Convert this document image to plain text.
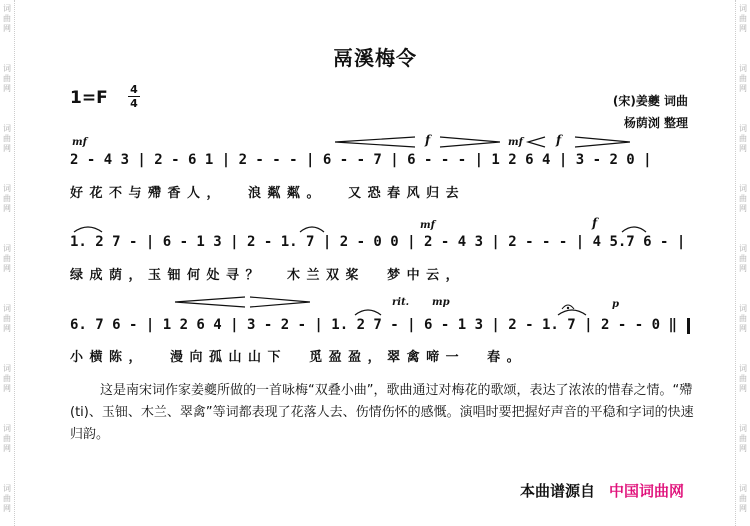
词
曲
网
词
曲
网
词
曲
网
词
曲
网
词
曲
网
词
曲
网
词
曲
网
词
曲
网
词
曲
网
词
曲
网
词
曲
网
词
曲
网
词
曲
网
词
曲
网
词
曲
网
词
曲
网
词
曲
网
词
曲
网
鬲溪梅令
1=F 4
4	(宋)姜夔 词曲
杨荫浏 整理
mf	f	mf	f
2 - 4 3 | 2 - 6 1 | 2 - - - | 6 - - 7 | 6 - - - | 1 2 6 4 | 3 - 2 0 |
好花不与殢香人，  浪粼粼。  又恐春风归去
mf	f
1. 2 7 - | 6 - 1 3 | 2 - 1. 7 | 2 - 0 0 | 2 - 4 3 | 2 - - - | 4 5.7 6 - |
绿成荫，玉钿何处寻？  木兰双桨  梦中云，
rit. mp	p
6. 7 6 - | 1 2 6 4 | 3 - 2 - | 1. 2 7 - | 6 - 1 3 | 2 - 1. 7 | 2 - - 0 ‖
小横陈，  漫向孤山山下  觅盈盈，翠禽啼一  春。
这是南宋词作家姜夔所做的一首咏梅“双叠小曲”，歌曲通过对梅花的歌颂，表达了浓浓的惜春之情。“殢(ti)、玉钿、木兰、翠禽”等词都表现了花落人去、伤情伤怀的感慨。演唱时要把握好声音的平稳和字词的快速归韵。
本曲谱源自 中国词曲网
